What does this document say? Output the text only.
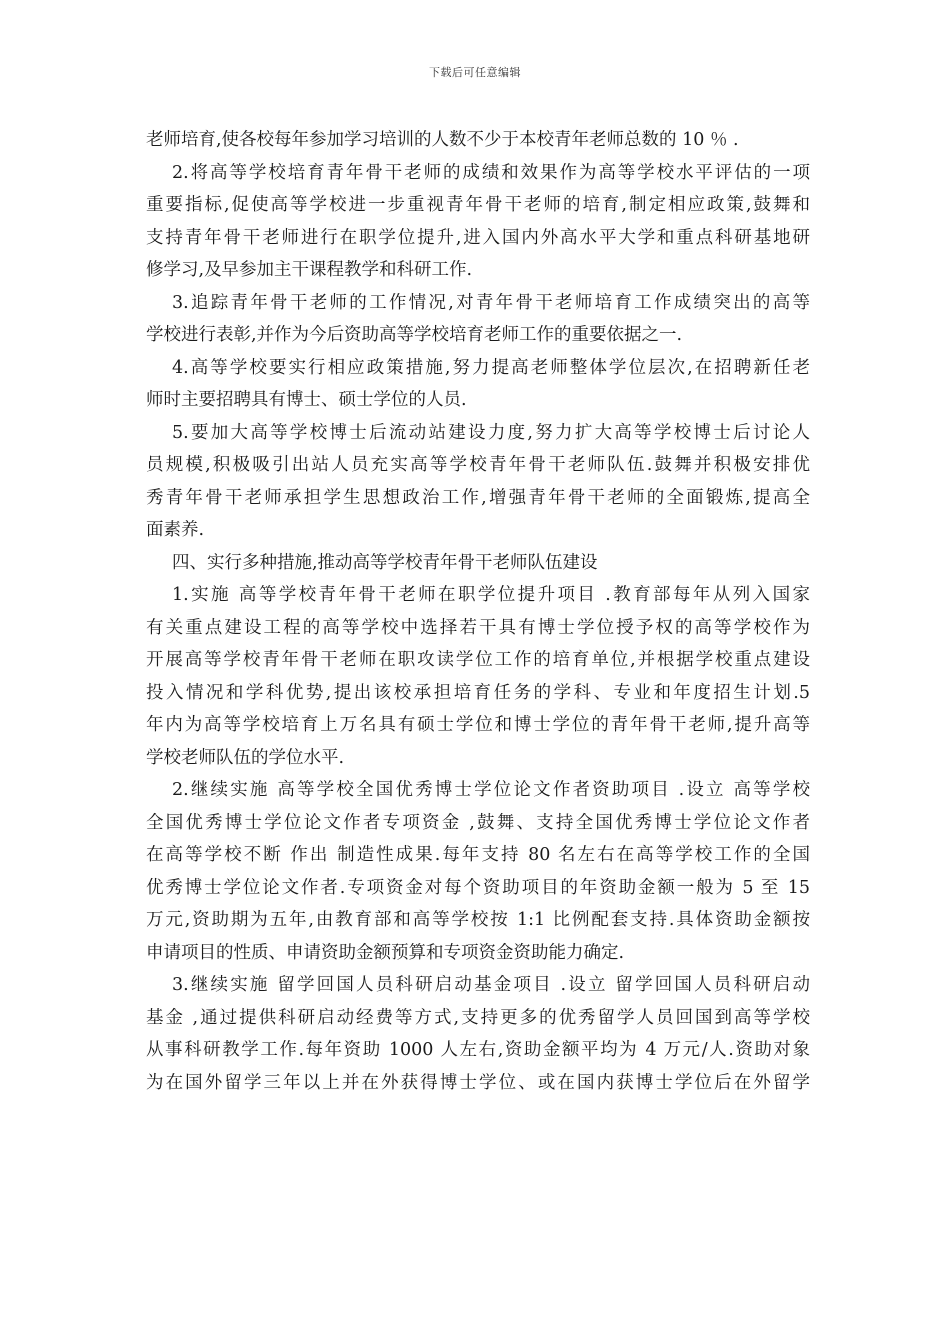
下载后可任意编辑
老师培育,使各校每年参加学习培训的人数不少于本校青年老师总数的 10 ％ .
2.将高等学校培育青年骨干老师的成绩和效果作为高等学校水平评估的一项
重要指标,促使高等学校进一步重视青年骨干老师的培育,制定相应政策,鼓舞和
支持青年骨干老师进行在职学位提升,进入国内外高水平大学和重点科研基地研
修学习,及早参加主干课程教学和科研工作.
3.追踪青年骨干老师的工作情况,对青年骨干老师培育工作成绩突出的高等
学校进行表彰,并作为今后资助高等学校培育老师工作的重要依据之一.
4.高等学校要实行相应政策措施,努力提高老师整体学位层次,在招聘新任老
师时主要招聘具有博士、硕士学位的人员.
5.要加大高等学校博士后流动站建设力度,努力扩大高等学校博士后讨论人
员规模,积极吸引出站人员充实高等学校青年骨干老师队伍.鼓舞并积极安排优
秀青年骨干老师承担学生思想政治工作,增强青年骨干老师的全面锻炼,提高全
面素养.
四、实行多种措施,推动高等学校青年骨干老师队伍建设
1.实施 高等学校青年骨干老师在职学位提升项目 .教育部每年从列入国家
有关重点建设工程的高等学校中选择若干具有博士学位授予权的高等学校作为
开展高等学校青年骨干老师在职攻读学位工作的培育单位,并根据学校重点建设
投入情况和学科优势,提出该校承担培育任务的学科、专业和年度招生计划.5
年内为高等学校培育上万名具有硕士学位和博士学位的青年骨干老师,提升高等
学校老师队伍的学位水平.
2.继续实施 高等学校全国优秀博士学位论文作者资助项目 .设立 高等学校
全国优秀博士学位论文作者专项资金 ,鼓舞、支持全国优秀博士学位论文作者
在高等学校不断 作出 制造性成果.每年支持 80 名左右在高等学校工作的全国
优秀博士学位论文作者.专项资金对每个资助项目的年资助金额一般为 5 至 15
万元,资助期为五年,由教育部和高等学校按 1:1 比例配套支持.具体资助金额按
申请项目的性质、申请资助金额预算和专项资金资助能力确定.
3.继续实施 留学回国人员科研启动基金项目 .设立 留学回国人员科研启动
基金 ,通过提供科研启动经费等方式,支持更多的优秀留学人员回国到高等学校
从事科研教学工作.每年资助 1000 人左右,资助金额平均为 4 万元/人.资助对象
为在国外留学三年以上并在外获得博士学位、或在国内获博士学位后在外留学
